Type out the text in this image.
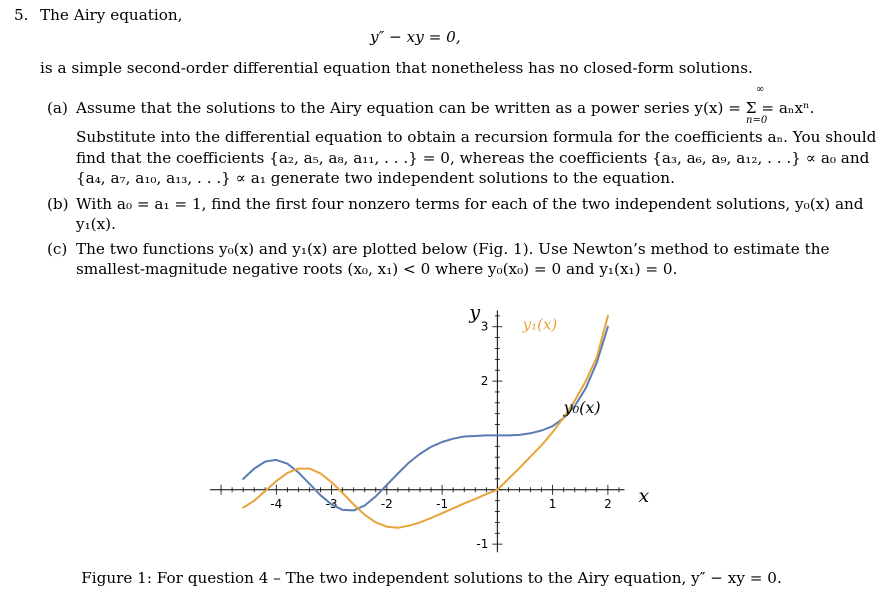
5. The Airy equation,
y″ − xy = 0,
is a simple second-order differential equation that nonetheless has no closed-form solutions.
(a) Assume that the solutions to the Airy equation can be written as a power series y(x) = Σ = aₙxⁿ.
∞
n=0
Substitute into the differential equation to obtain a recursion formula for the coefficients aₙ. You should
find that the coefficients {a₂, a₅, a₈, a₁₁, . . .} = 0, whereas the coefficients {a₃, a₆, a₉, a₁₂, . . .} ∝ a₀ and
{a₄, a₇, a₁₀, a₁₃, . . .} ∝ a₁ generate two independent solutions to the equation.
(b) With a₀ = a₁ = 1, find the first four nonzero terms for each of the two independent solutions, y₀(x) and
y₁(x).
(c) The two functions y₀(x) and y₁(x) are plotted below (Fig. 1). Use Newton’s method to estimate the
smallest-magnitude negative roots (x₀, x₁) < 0 where y₀(x₀) = 0 and y₁(x₁) = 0.
-4	-3	-2	-1	1	2
3
2
-1
x
y
y₀(x)
y₁(x)
Figure 1: For question 4 – The two independent solutions to the Airy equation, y″ − xy = 0.
